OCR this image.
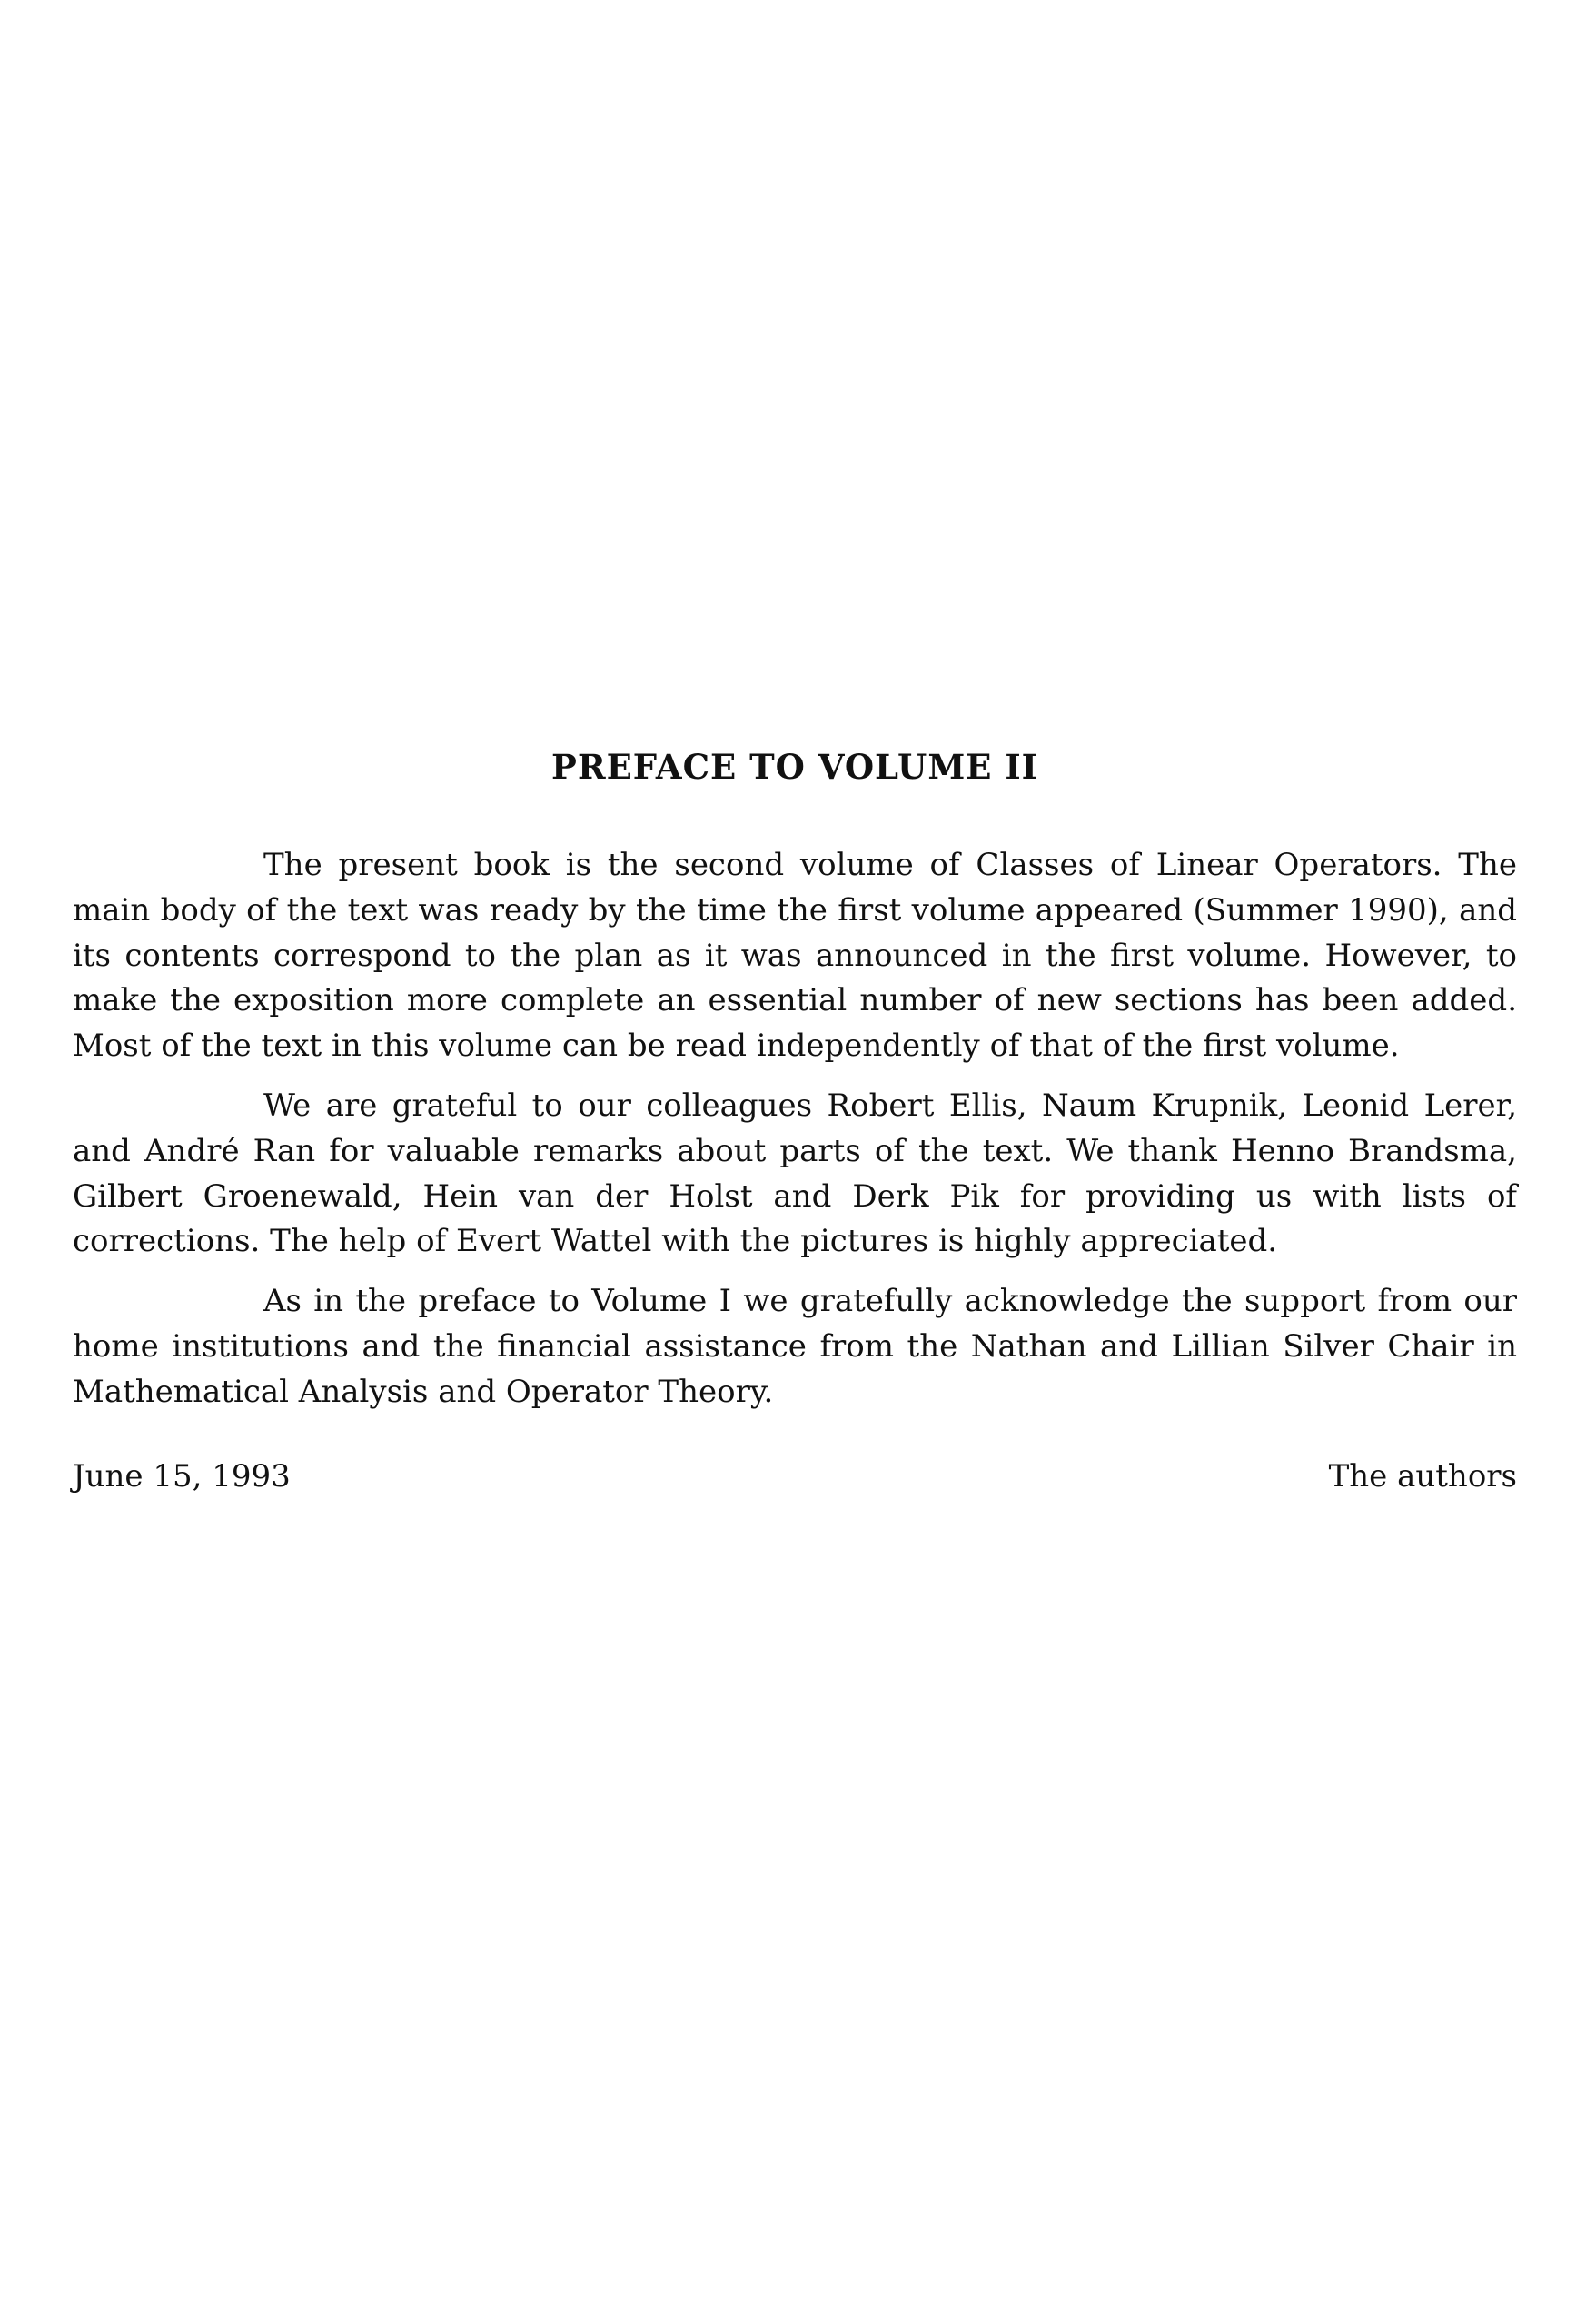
PREFACE TO VOLUME II

The present book is the second volume of Classes of Linear Operators. The main body of the text was ready by the time the first volume appeared (Summer 1990), and its contents correspond to the plan as it was announced in the first volume. However, to make the exposition more complete an essential number of new sections has been added. Most of the text in this volume can be read independently of that of the first volume.

We are grateful to our colleagues Robert Ellis, Naum Krupnik, Leonid Lerer, and André Ran for valuable remarks about parts of the text. We thank Henno Brandsma, Gilbert Groenewald, Hein van der Holst and Derk Pik for providing us with lists of corrections. The help of Evert Wattel with the pictures is highly appreciated.

As in the preface to Volume I we gratefully acknowledge the support from our home institutions and the financial assistance from the Nathan and Lillian Silver Chair in Mathematical Analysis and Operator Theory.

June 15, 1993	The authors
